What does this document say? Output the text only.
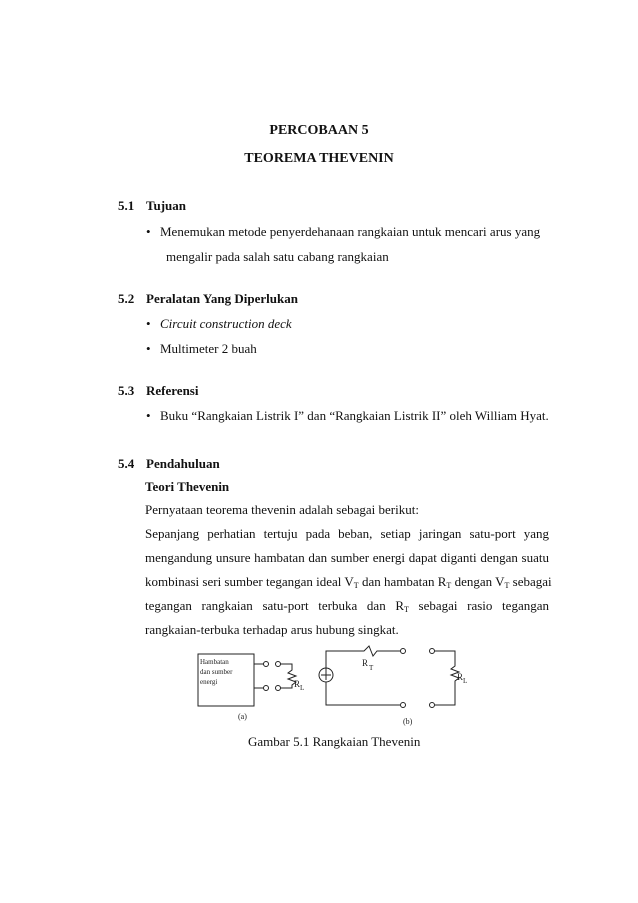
PERCOBAAN 5
TEOREMA THEVENIN
5.1 Tujuan
• Menemukan metode penyerdehanaan rangkaian untuk mencari arus yang
mengalir pada salah satu cabang rangkaian
5.2 Peralatan Yang Diperlukan
• Circuit construction deck
• Multimeter 2 buah
5.3 Referensi
• Buku “Rangkaian Listrik I” dan “Rangkaian Listrik II” oleh William Hyat.
5.4 Pendahuluan
Teori Thevenin
Pernyataan teorema thevenin adalah sebagai berikut:
Sepanjang perhatian tertuju pada beban, setiap jaringan satu-port yang
mengandung unsure hambatan dan sumber energi dapat diganti dengan suatu
kombinasi seri sumber tegangan ideal $V_T$ dan hambatan $R_T$ dengan $V_T$ sebagai
tegangan rangkaian satu-port terbuka dan $R_T$ sebagai rasio tegangan
rangkaian-terbuka terhadap arus hubung singkat.
Hambatan
dan sumber
energi	R L
R T
R L
(a)
(b)
Gambar 5.1 Rangkaian Thevenin
